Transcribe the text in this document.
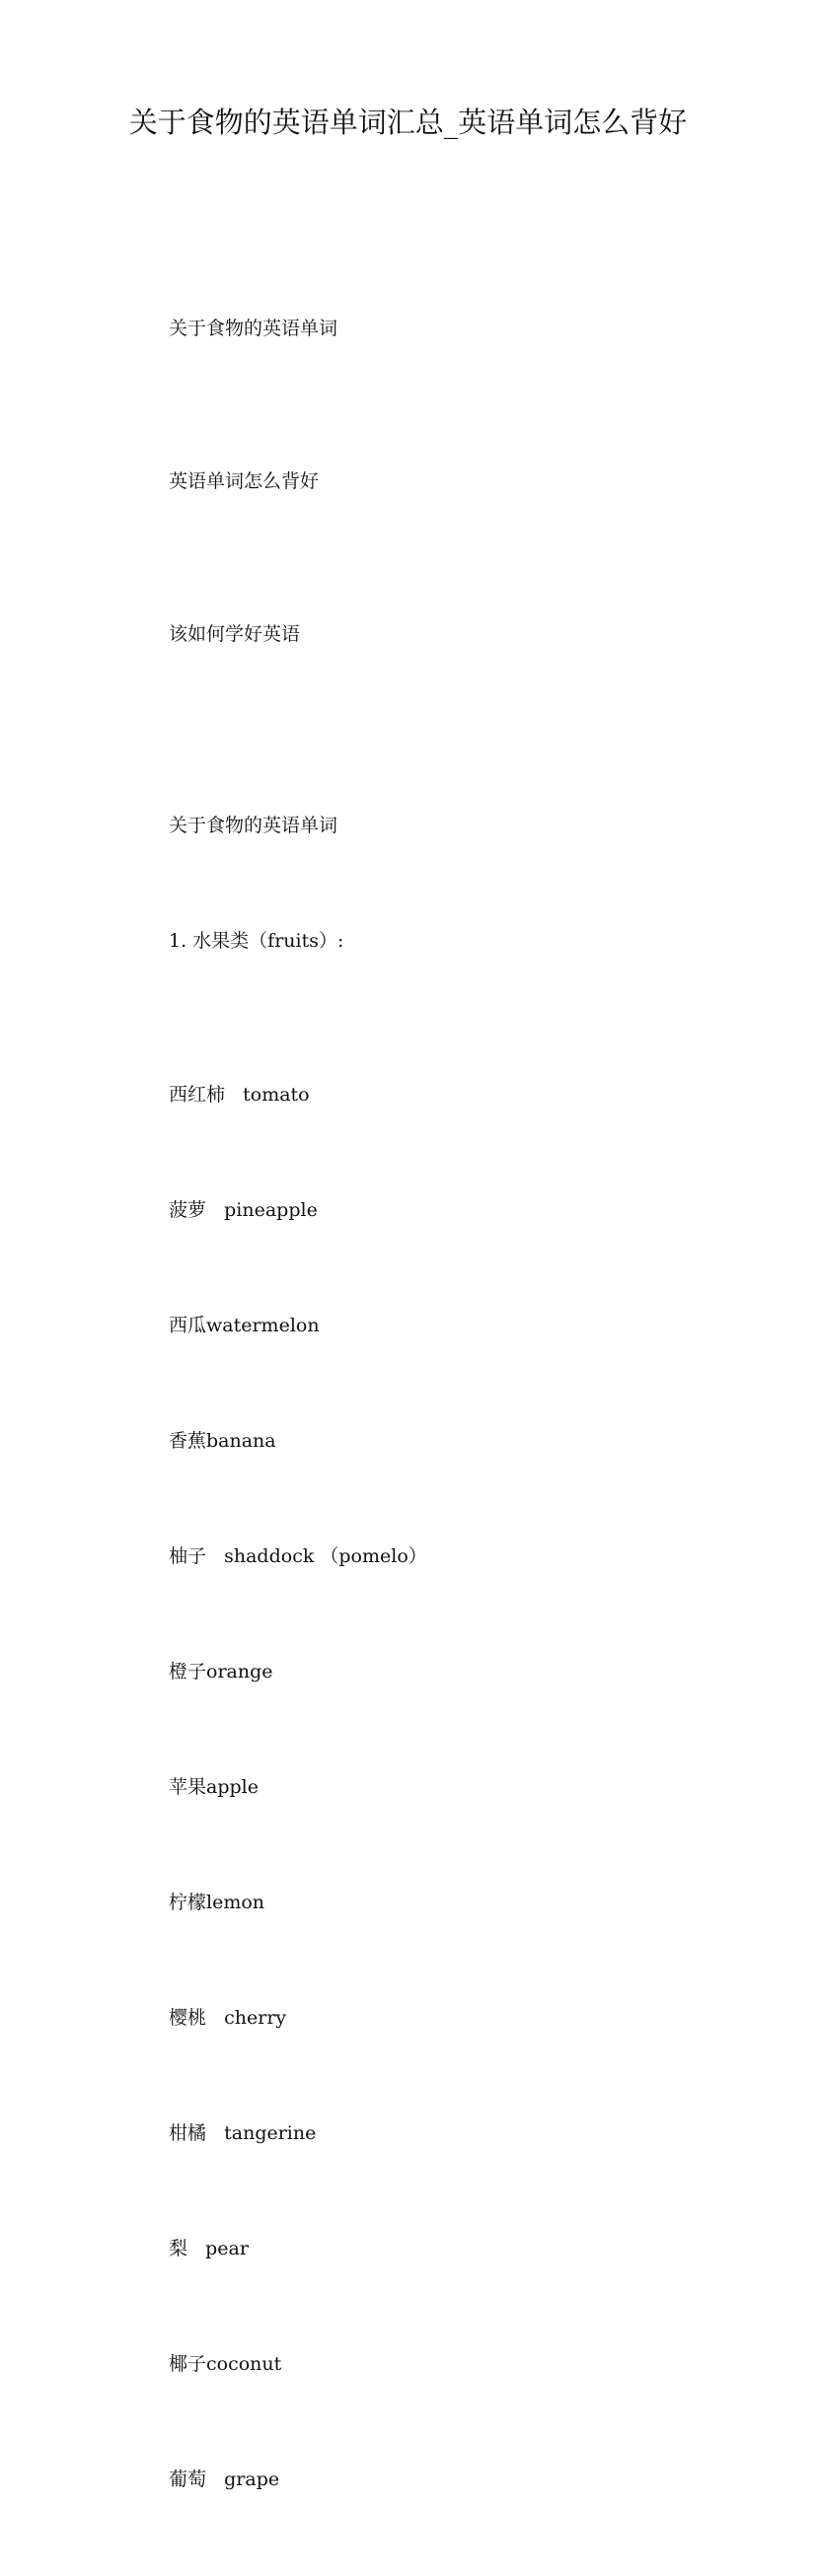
关于食物的英语单词汇总_英语单词怎么背好

关于食物的英语单词

英语单词怎么背好

该如何学好英语

关于食物的英语单词

1. 水果类（fruits）:

西红柿   tomato

菠萝   pineapple

西瓜watermelon

香蕉banana

柚子   shaddock （pomelo）

橙子orange

苹果apple

柠檬lemon

樱桃   cherry

柑橘   tangerine

梨   pear

椰子coconut

葡萄   grape
